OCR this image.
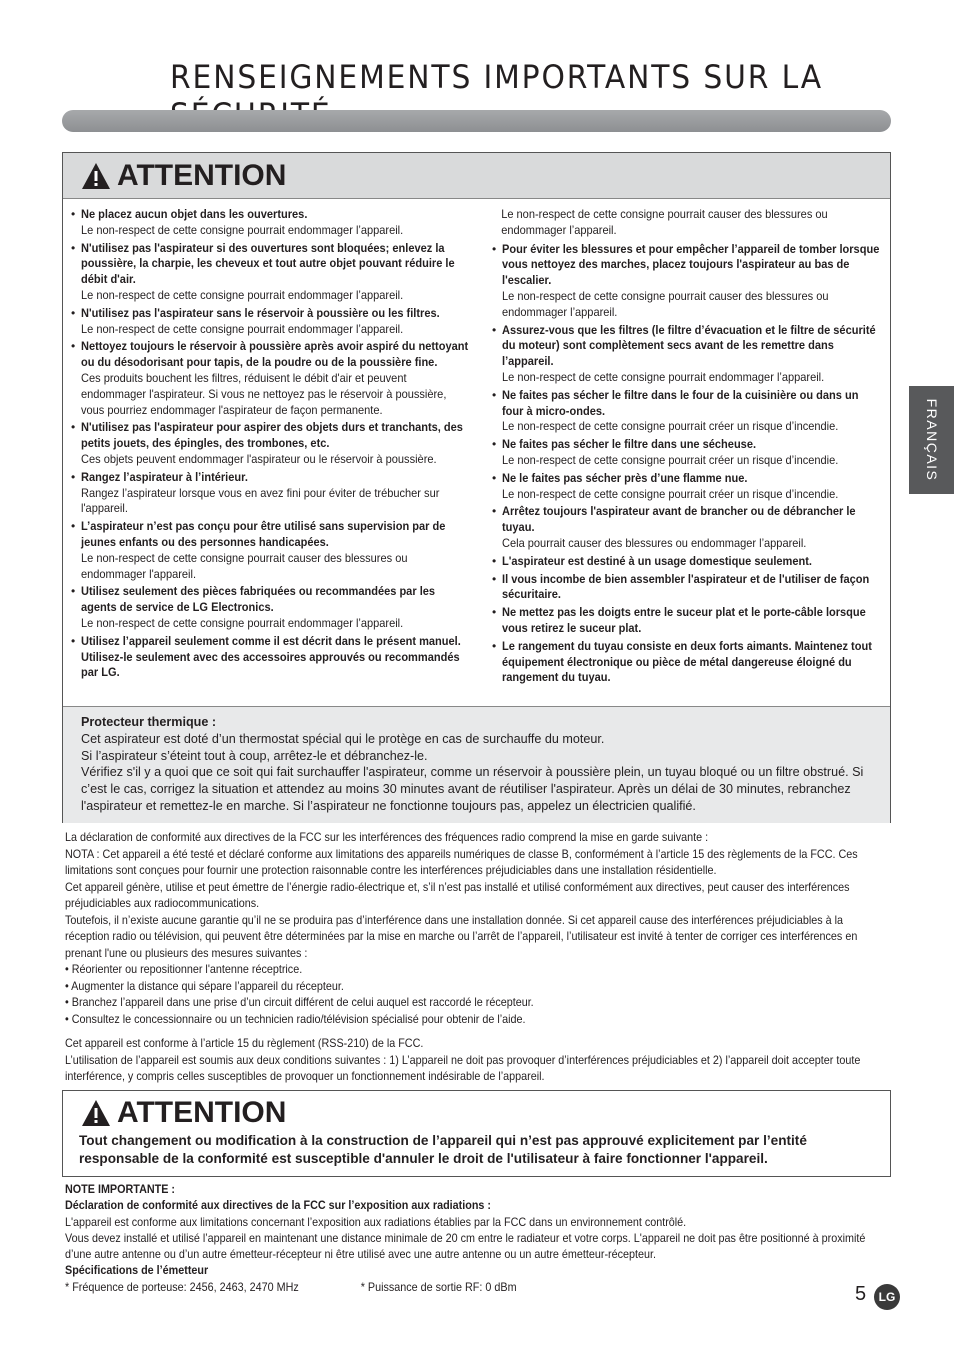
RENSEIGNEMENTS IMPORTANTS SUR LA
ATTENTION
• Ne placez aucun objet dans les ouvertures.
Le non-respect de cette consigne pourrait endommager l’appareil.
• N'utilisez pas l'aspirateur si des ouvertures sont bloquées; enlevez la poussière, la charpie, les cheveux et tout autre objet pouvant réduire le débit d'air.
Le non-respect de cette consigne pourrait endommager l’appareil.
• N'utilisez pas l'aspirateur sans le réservoir à poussière ou les filtres.
Le non-respect de cette consigne pourrait endommager l’appareil.
• Nettoyez toujours le réservoir à poussière après avoir aspiré du nettoyant ou du désodorisant pour tapis, de la poudre ou de la poussière fine.
Ces produits bouchent les filtres, réduisent le débit d'air et peuvent endommager l'aspirateur. Si vous ne nettoyez pas le réservoir à poussière, vous pourriez endommager l'aspirateur de façon permanente.
• N'utilisez pas l'aspirateur pour aspirer des objets durs et tranchants, des petits jouets, des épingles, des trombones, etc.
Ces objets peuvent endommager l'aspirateur ou le réservoir à poussière.
• Rangez l’aspirateur à l’intérieur.
Rangez l’aspirateur lorsque vous en avez fini pour éviter de trébucher sur l'appareil.
• L’aspirateur n’est pas conçu pour être utilisé sans supervision par de jeunes enfants ou des personnes handicapées.
Le non-respect de cette consigne pourrait causer des blessures ou endommager l'appareil.
• Utilisez seulement des pièces fabriquées ou recommandées par les agents de service de LG Electronics.
Le non-respect de cette consigne pourrait endommager l’appareil.
• Utilisez l’appareil seulement comme il est décrit dans le présent manuel. Utilisez-le seulement avec des accessoires approuvés ou recommandés par LG.
Le non-respect de cette consigne pourrait causer des blessures ou endommager l’appareil.
• Pour éviter les blessures et pour empêcher l’appareil de tomber lorsque vous nettoyez des marches, placez toujours l'aspirateur au bas de l'escalier.
Le non-respect de cette consigne pourrait causer des blessures ou endommager l’appareil.
• Assurez-vous que les filtres (le filtre d’évacuation et le filtre de sécurité du moteur) sont complètement secs avant de les remettre dans l’appareil.
Le non-respect de cette consigne pourrait endommager l’appareil.
• Ne faites pas sécher le filtre dans le four de la cuisinière ou dans un four à micro-ondes.
Le non-respect de cette consigne pourrait créer un risque d’incendie.
• Ne faites pas sécher le filtre dans une sécheuse.
Le non-respect de cette consigne pourrait créer un risque d’incendie.
• Ne le faites pas sécher près d’une flamme nue.
Le non-respect de cette consigne pourrait créer un risque d’incendie.
• Arrêtez toujours l'aspirateur avant de brancher ou de débrancher le tuyau.
Cela pourrait causer des blessures ou endommager l’appareil.
• L'aspirateur est destiné à un usage domestique seulement.
• Il vous incombe de bien assembler l'aspirateur et de l'utiliser de façon sécuritaire.
• Ne mettez pas les doigts entre le suceur plat et le porte-câble lorsque vous retirez le suceur plat.
• Le rangement du tuyau consiste en deux forts aimants. Maintenez tout équipement électronique ou pièce de métal dangereuse éloigné du rangement du tuyau.
Protecteur thermique :
Cet aspirateur est doté d’un thermostat spécial qui le protège en cas de surchauffe du moteur.
Si l’aspirateur s’éteint tout à coup, arrêtez-le et débranchez-le.
Vérifiez s'il y a quoi que ce soit qui fait surchauffer l'aspirateur, comme un réservoir à poussière plein, un tuyau bloqué ou un filtre obstrué. Si c’est le cas, corrigez la situation et attendez au moins 30 minutes avant de réutiliser l'aspirateur. Après un délai de 30 minutes, rebranchez l'aspirateur et remettez-le en marche. Si l’aspirateur ne fonctionne toujours pas, appelez un électricien qualifié.

La déclaration de conformité aux directives de la FCC sur les interférences des fréquences radio comprend la mise en garde suivante :

NOTA : Cet appareil a été testé et déclaré conforme aux limitations des appareils numériques de classe B, conformément à l’article 15 des règlements de la FCC. Ces limitations sont conçues pour fournir une protection raisonnable contre les interférences préjudiciables dans une installation résidentielle.

Cet appareil génère, utilise et peut émettre de l’énergie radio-électrique et, s’il n’est pas installé et utilisé conformément aux directives, peut causer des interférences préjudiciables aux radiocommunications.

Toutefois, il n’existe aucune garantie qu’il ne se produira pas d’interférence dans une installation donnée. Si cet appareil cause des interférences préjudiciables à la réception radio ou télévision, qui peuvent être déterminées par la mise en marche ou l’arrêt de l’appareil, l’utilisateur est invité à tenter de corriger ces interférences en prenant l'une ou plusieurs des mesures suivantes :

• Réorienter ou repositionner l'antenne réceptrice.

• Augmenter la distance qui sépare l’appareil du récepteur.

• Branchez l’appareil dans une prise d’un circuit différent de celui auquel est raccordé le récepteur.

• Consultez le concessionnaire ou un technicien radio/télévision spécialisé pour obtenir de l’aide.

Cet appareil est conforme à l’article 15 du règlement (RSS-210) de la FCC.

L’utilisation de l’appareil est soumis aux deux conditions suivantes : 1) L’appareil ne doit pas provoquer d’interférences préjudiciables et 2) l’appareil doit accepter toute interférence, y compris celles susceptibles de provoquer un fonctionnement indésirable de l’appareil.

ATTENTION
Tout changement ou modification à la construction de l’appareil qui n’est pas approuvé explicitement par l’entité responsable de la conformité est susceptible d'annuler le droit de l'utilisateur à faire fonctionner l'appareil.

NOTE IMPORTANTE :

Déclaration de conformité aux directives de la FCC sur l’exposition aux radiations :

L'appareil est conforme aux limitations concernant l’exposition aux radiations établies par la FCC dans un environnement contrôlé.

Vous devez installé et utilisé l’appareil en maintenant une distance minimale de 20 cm entre le radiateur et votre corps. L'appareil ne doit pas être positionné à proximité d’une autre antenne ou d’un autre émetteur-récepteur ni être utilisé avec une autre antenne ou un autre émetteur-récepteur.

Spécifications de l’émetteur

* Fréquence de porteuse: 2456, 2463, 2470 MHz	* Puissance de sortie RF: 0 dBm

FRANÇAIS
5	LG
